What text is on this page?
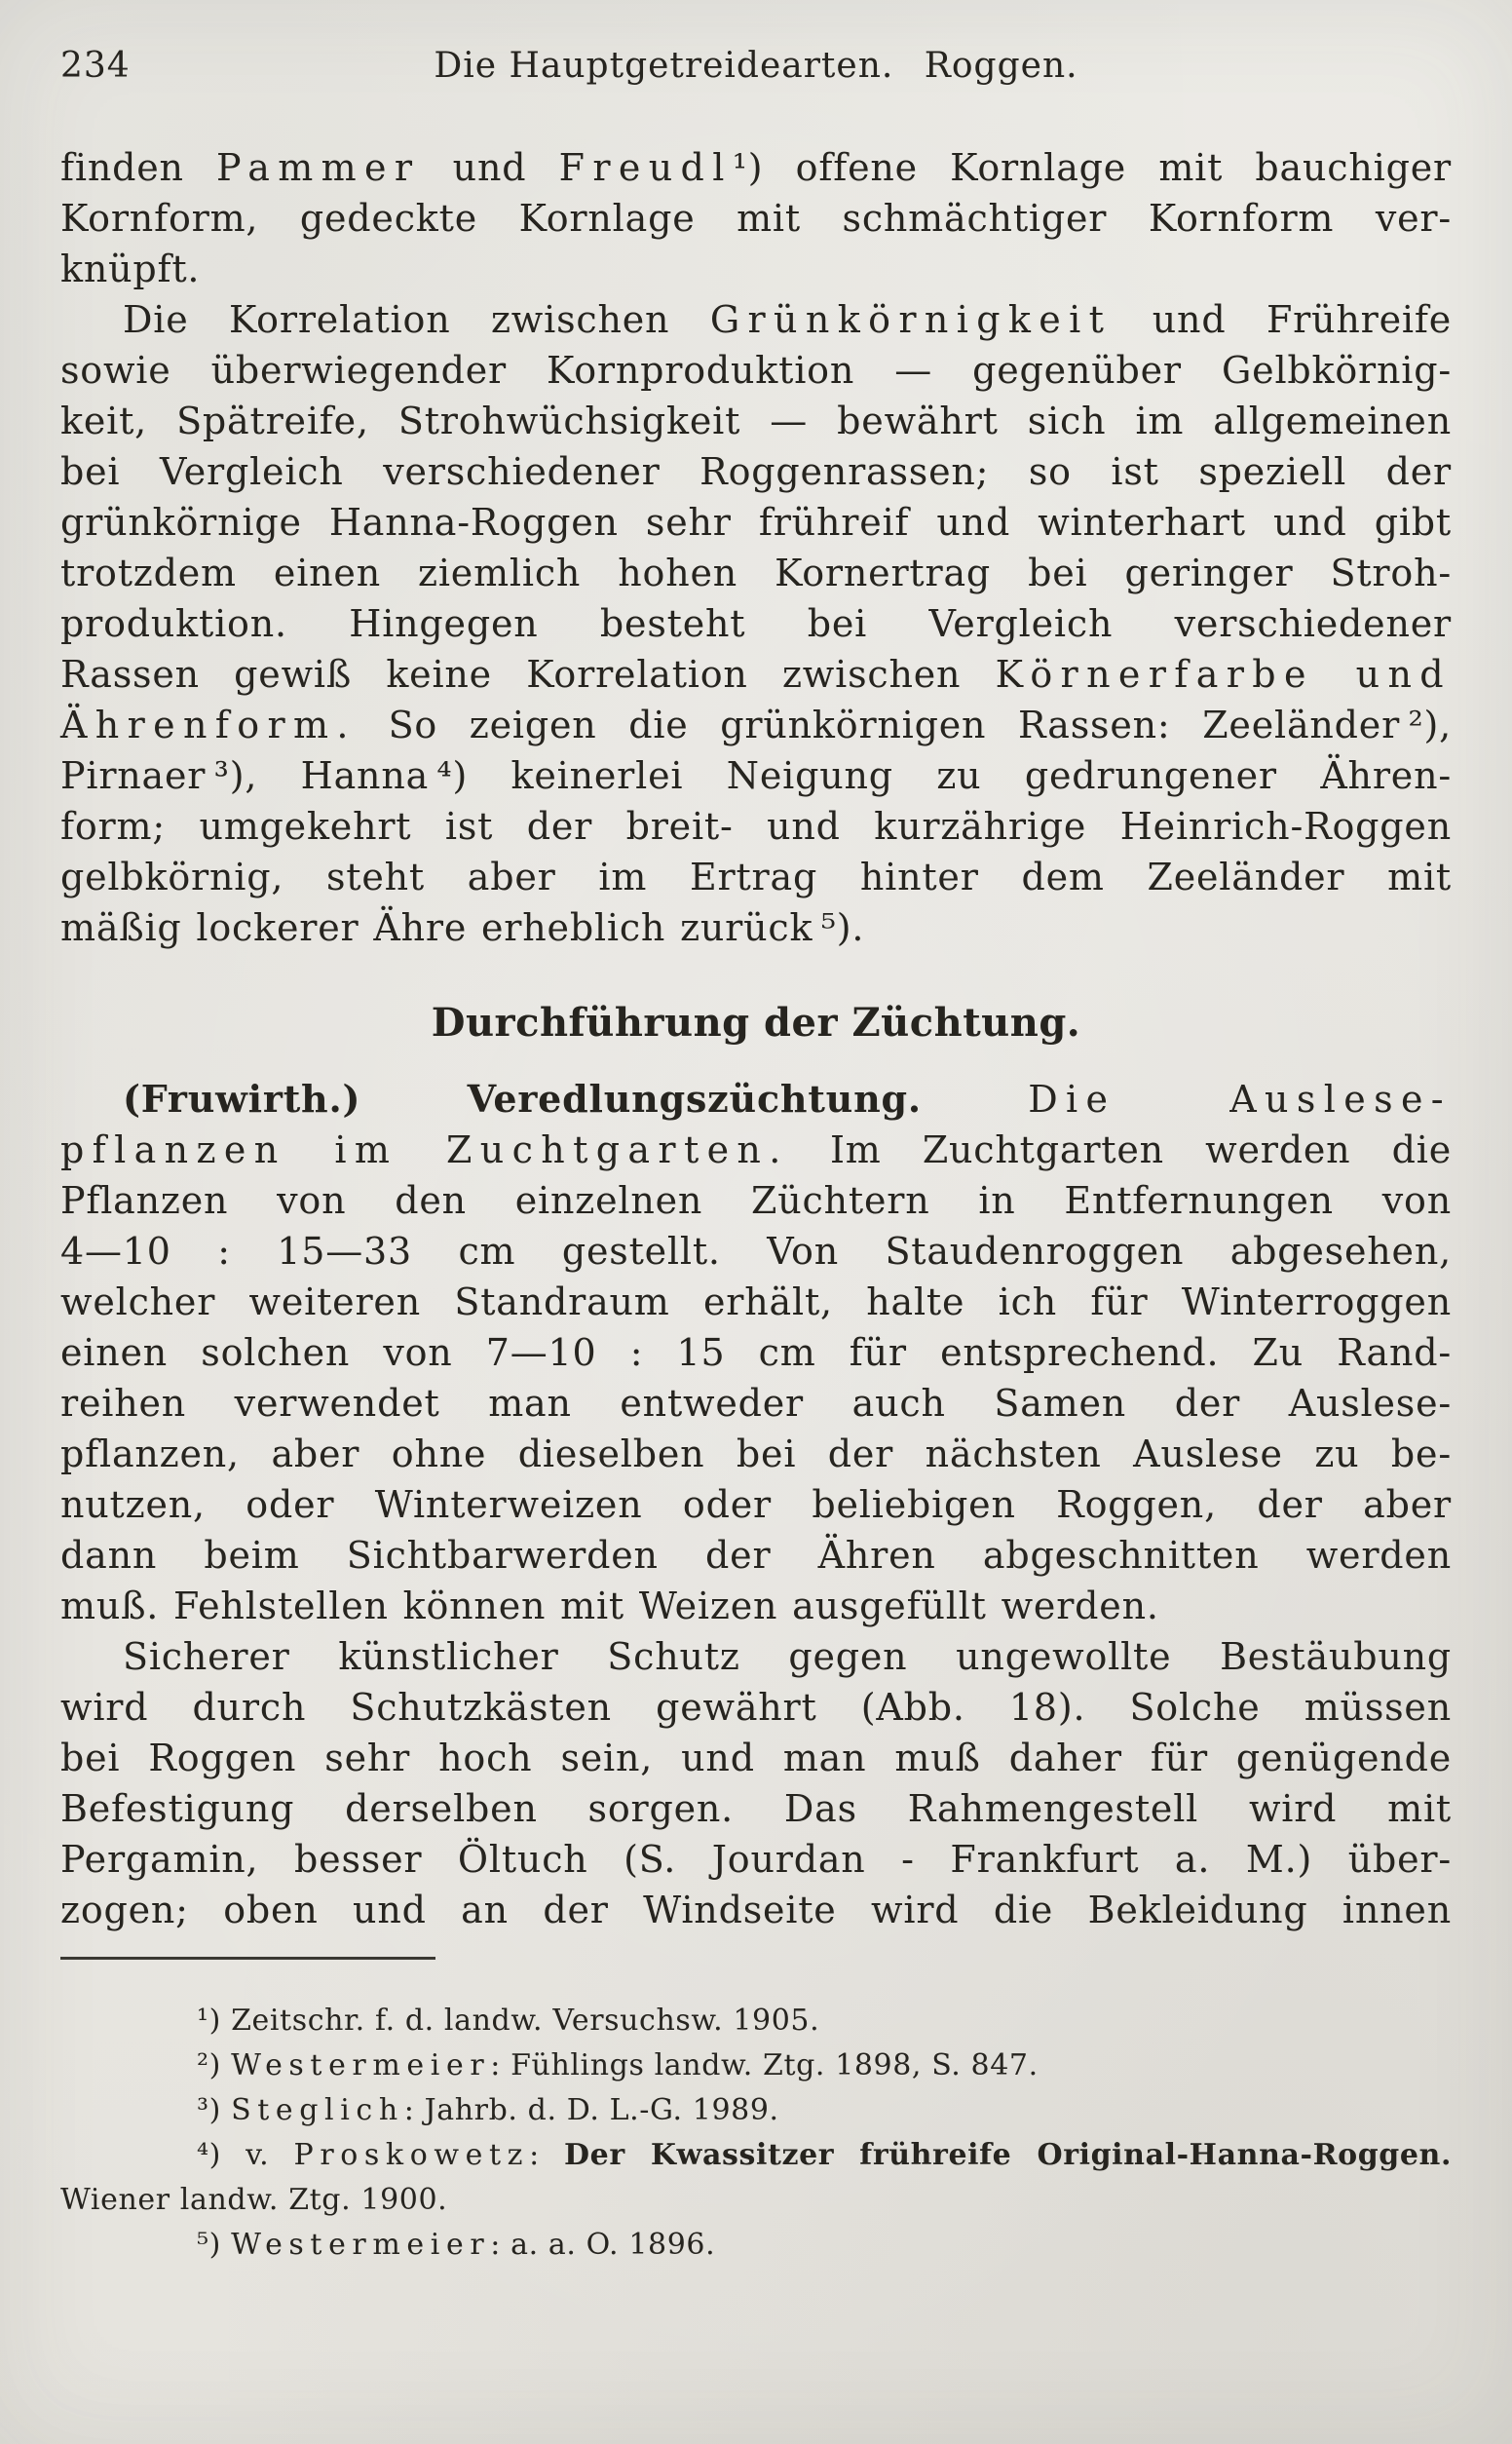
234	Die Hauptgetreidearten.  Roggen.
finden Pammer und Freudl¹) offene Kornlage mit bauchiger
Kornform, gedeckte Kornlage mit schmächtiger Kornform ver-
knüpft.
Die Korrelation zwischen Grünkörnigkeit und Frühreife
sowie überwiegender Kornproduktion — gegenüber Gelbkörnig-
keit, Spätreife, Strohwüchsigkeit — bewährt sich im allgemeinen
bei Vergleich verschiedener Roggenrassen; so ist speziell der
grünkörnige Hanna-Roggen sehr frühreif und winterhart und gibt
trotzdem einen ziemlich hohen Kornertrag bei geringer Stroh-
produktion. Hingegen besteht bei Vergleich verschiedener
Rassen gewiß keine Korrelation zwischen Körnerfarbe und
Ährenform. So zeigen die grünkörnigen Rassen: Zeeländer ²),
Pirnaer ³), Hanna ⁴) keinerlei Neigung zu gedrungener Ähren-
form; umgekehrt ist der breit- und kurzährige Heinrich-Roggen
gelbkörnig, steht aber im Ertrag hinter dem Zeeländer mit
mäßig lockerer Ähre erheblich zurück ⁵).
Durchführung der Züchtung.
(Fruwirth.)	Veredlungszüchtung.	Die Auslese-
pflanzen im Zuchtgarten. Im Zuchtgarten werden die
Pflanzen von den einzelnen Züchtern in Entfernungen von
4—10 : 15—33 cm gestellt. Von Staudenroggen abgesehen,
welcher weiteren Standraum erhält, halte ich für Winterroggen
einen solchen von 7—10 : 15 cm für entsprechend. Zu Rand-
reihen verwendet man entweder auch Samen der Auslese-
pflanzen, aber ohne dieselben bei der nächsten Auslese zu be-
nutzen, oder Winterweizen oder beliebigen Roggen, der aber
dann beim Sichtbarwerden der Ähren abgeschnitten werden
muß. Fehlstellen können mit Weizen ausgefüllt werden.
Sicherer künstlicher Schutz gegen ungewollte Bestäubung
wird durch Schutzkästen gewährt (Abb. 18). Solche müssen
bei Roggen sehr hoch sein, und man muß daher für genügende
Befestigung derselben sorgen. Das Rahmengestell wird mit
Pergamin, besser Öltuch (S. Jourdan - Frankfurt a. M.) über-
zogen; oben und an der Windseite wird die Bekleidung innen
¹) Zeitschr. f. d. landw. Versuchsw. 1905.
²) Westermeier: Fühlings landw. Ztg. 1898, S. 847.
³) Steglich: Jahrb. d. D. L.-G. 1989.
⁴) v. Proskowetz: Der Kwassitzer frühreife Original-Hanna-Roggen.
Wiener landw. Ztg. 1900.
⁵) Westermeier: a. a. O. 1896.
